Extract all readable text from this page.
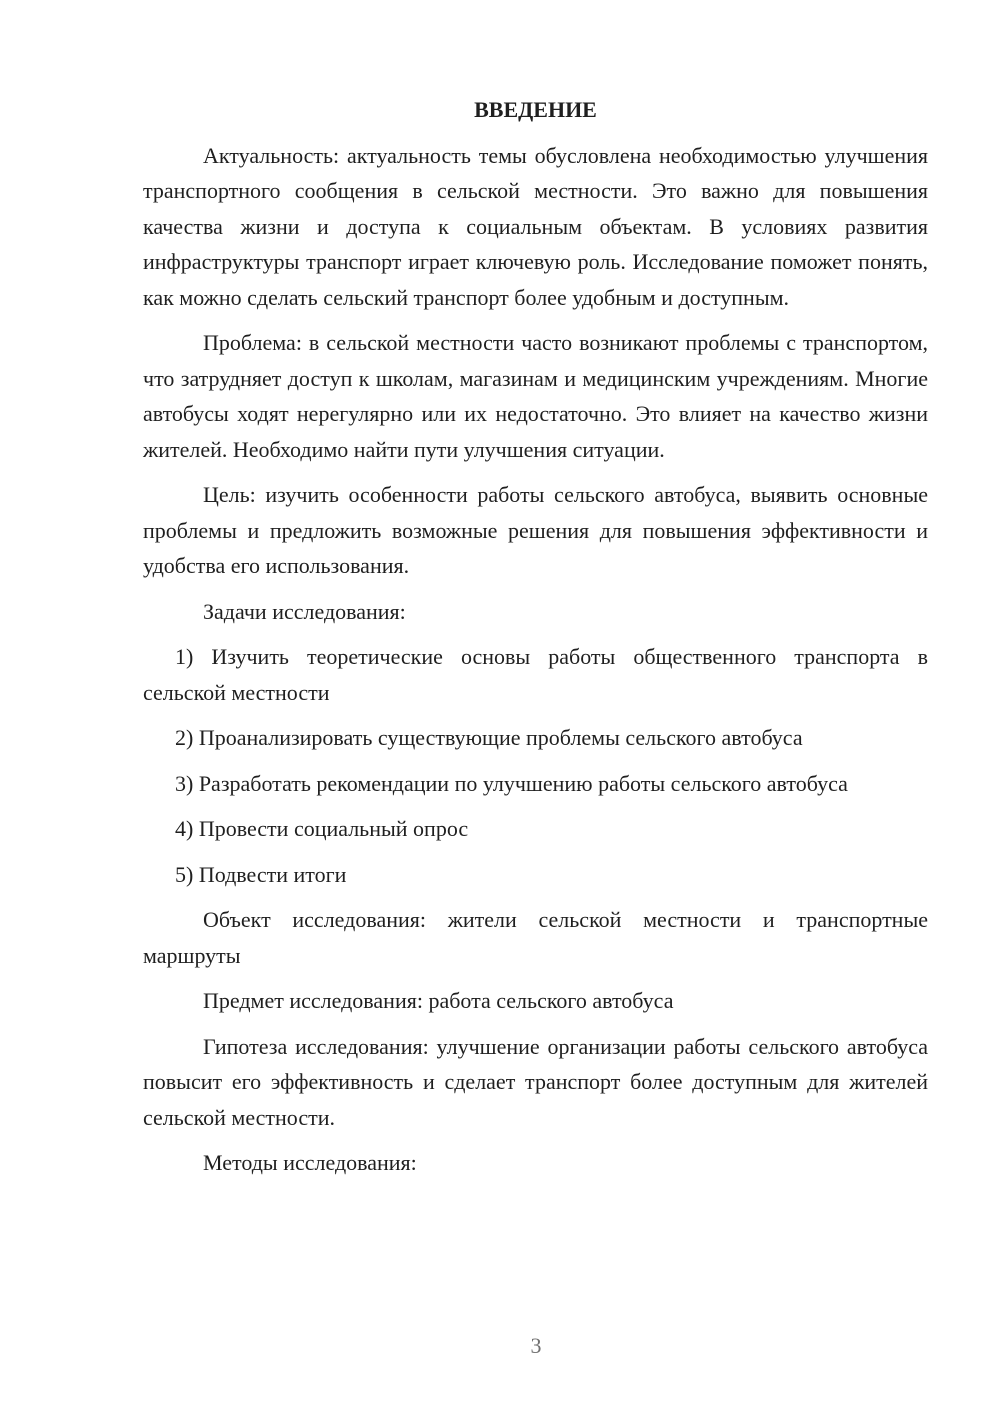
ВВЕДЕНИЕ

Актуальность: актуальность темы обусловлена необходимостью улучшения транспортного сообщения в сельской местности. Это важно для повышения качества жизни и доступа к социальным объектам. В условиях развития инфраструктуры транспорт играет ключевую роль. Исследование поможет понять, как можно сделать сельский транспорт более удобным и доступным.

Проблема: в сельской местности часто возникают проблемы с транспортом, что затрудняет доступ к школам, магазинам и медицинским учреждениям. Многие автобусы ходят нерегулярно или их недостаточно. Это влияет на качество жизни жителей. Необходимо найти пути улучшения ситуации.

Цель: изучить особенности работы сельского автобуса, выявить основные проблемы и предложить возможные решения для повышения эффективности и удобства его использования.

Задачи исследования:

1) Изучить теоретические основы работы общественного транспорта в сельской местности

2) Проанализировать существующие проблемы сельского автобуса

3) Разработать рекомендации по улучшению работы сельского автобуса

4) Провести социальный опрос

5) Подвести итоги

Объект исследования: жители сельской местности и транспортные маршруты

Предмет исследования: работа сельского автобуса

Гипотеза исследования: улучшение организации работы сельского автобуса повысит его эффективность и сделает транспорт более доступным для жителей сельской местности.

Методы исследования:

3
